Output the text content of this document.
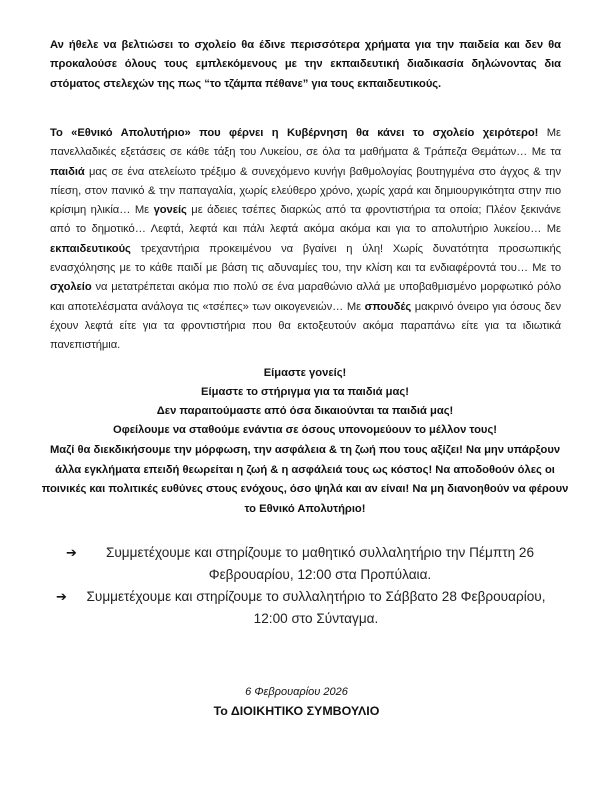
Αν ήθελε να βελτιώσει το σχολείο θα έδινε περισσότερα χρήματα για την παιδεία και δεν θα προκαλούσε όλους τους εμπλεκόμενους με την εκπαιδευτική διαδικασία δηλώνοντας δια στόματος στελεχών της πως “το τζάμπα πέθανε” για τους εκπαιδευτικούς.

Το «Εθνικό Απολυτήριο» που φέρνει η Κυβέρνηση θα κάνει το σχολείο χειρότερο! Με πανελλαδικές εξετάσεις σε κάθε τάξη του Λυκείου, σε όλα τα μαθήματα & Τράπεζα Θεμάτων… Με τα παιδιά μας σε ένα ατελείωτο τρέξιμο & συνεχόμενο κυνήγι βαθμολογίας βουτηγμένα στο άγχος & την πίεση, στον πανικό & την παπαγαλία, χωρίς ελεύθερο χρόνο, χωρίς χαρά και δημιουργικότητα στην πιο κρίσιμη ηλικία… Με γονείς με άδειες τσέπες διαρκώς από τα φροντιστήρια τα οποία; Πλέον ξεκινάνε από το δημοτικό… Λεφτά, λεφτά και πάλι λεφτά ακόμα ακόμα και για το απολυτήριο λυκείου… Με εκπαιδευτικούς τρεχαντήρια προκειμένου να βγαίνει η ύλη! Χωρίς δυνατότητα προσωπικής ενασχόλησης με το κάθε παιδί με βάση τις αδυναμίες του, την κλίση και τα ενδιαφέροντά του… Με το σχολείο να μετατρέπεται ακόμα πιο πολύ σε ένα μαραθώνιο αλλά με υποβαθμισμένο μορφωτικό ρόλο και αποτελέσματα ανάλογα τις «τσέπες» των οικογενειών… Με σπουδές μακρινό όνειρο για όσους δεν έχουν λεφτά είτε για τα φροντιστήρια που θα εκτοξευτούν ακόμα παραπάνω είτε για τα ιδιωτικά πανεπιστήμια.

Είμαστε γονείς!
Είμαστε το στήριγμα για τα παιδιά μας!
Δεν παραιτούμαστε από όσα δικαιούνται τα παιδιά μας!
Οφείλουμε να σταθούμε ενάντια σε όσους υπονομεύουν το μέλλον τους!
Μαζί θα διεκδικήσουμε την μόρφωση, την ασφάλεια & τη ζωή που τους αξίζει! Να μην υπάρξουν άλλα εγκλήματα επειδή θεωρείται η ζωή & η ασφάλειά τους ως κόστος! Να αποδοθούν όλες οι ποινικές και πολιτικές ευθύνες στους ενόχους, όσο ψηλά και αν είναι! Να μη διανοηθούν να φέρουν το Εθνικό Απολυτήριο!
➔	Συμμετέχουμε και στηρίζουμε το μαθητικό συλλαλητήριο την Πέμπτη 26
Φεβρουαρίου, 12:00 στα Προπύλαια.
➔	Συμμετέχουμε και στηρίζουμε το συλλαλητήριο το Σάββατο 28 Φεβρουαρίου,
12:00 στο Σύνταγμα.
6 Φεβρουαρίου 2026
Το ΔΙΟΙΚΗΤΙΚΟ ΣΥΜΒΟΥΛΙΟ
